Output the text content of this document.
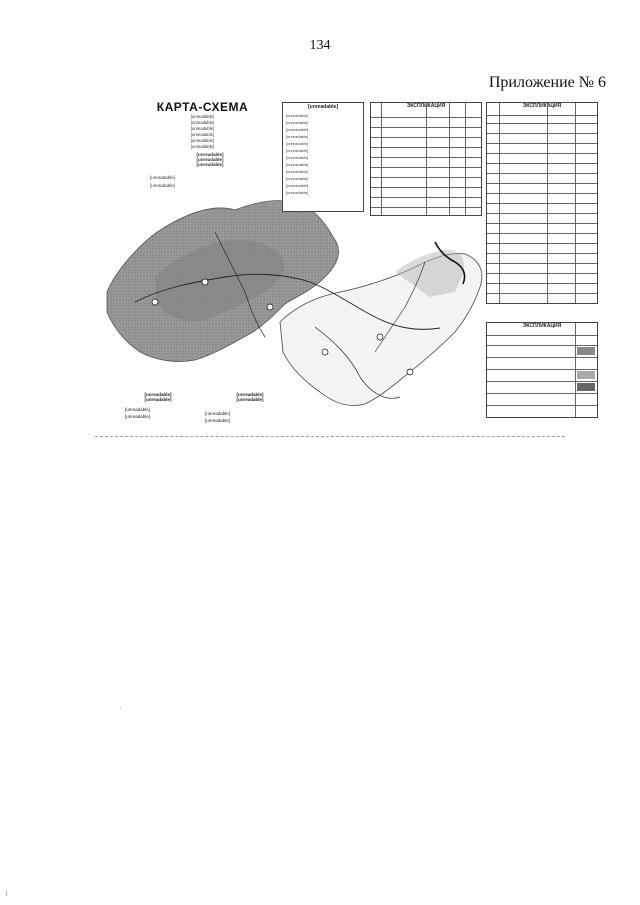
134
Приложение № 6
КАРТА-СХЕМА
[unreadable]
[unreadable]
[unreadable]
[unreadable]
[unreadable]
[unreadable]
[unreadable]
[unreadable]
[unreadable]
[unreadable]
[unreadable]
[unreadable]
[unreadable]
[unreadable]
[unreadable]
[unreadable]
[unreadable]
[unreadable]
[unreadable]
[unreadable]
[unreadable]
[unreadable]
[unreadable]
[unreadable]
ЭКСПЛИКАЦИЯ	ЭКСПЛИКАЦИЯ
ЭКСПЛИКАЦИЯ
[unreadable]
[unreadable]
[unreadable]
[unreadable]
[unreadable]
[unreadable]
[unreadable]
[unreadable]
